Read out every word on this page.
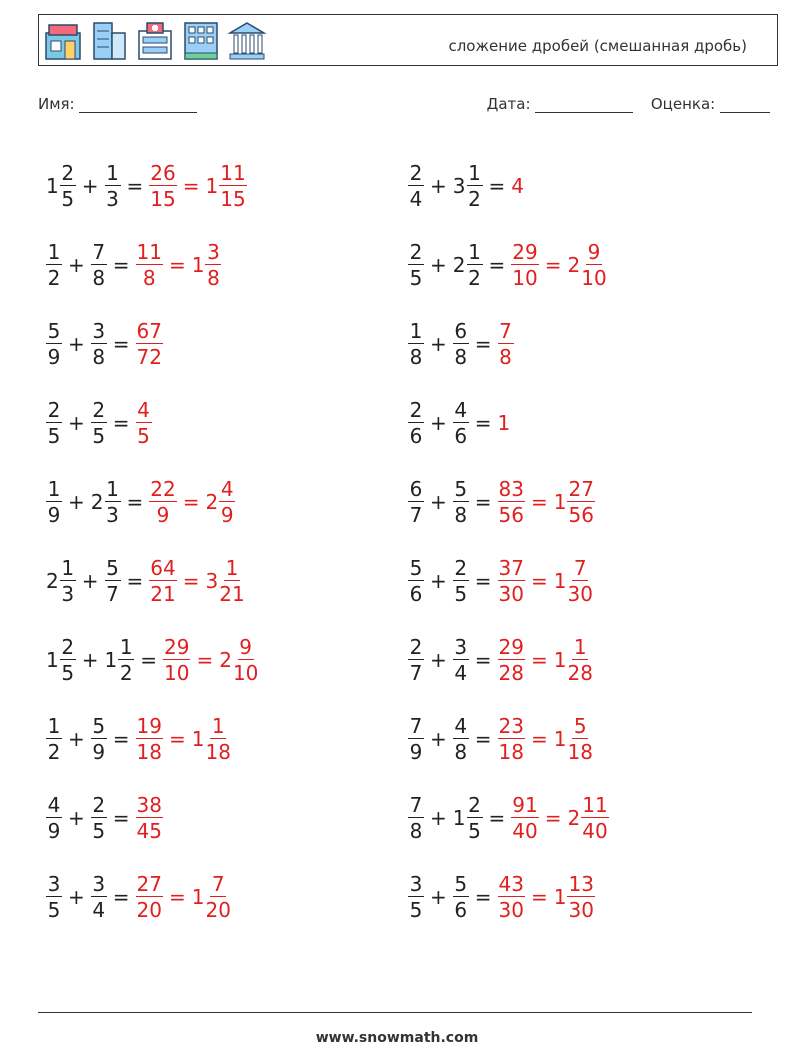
сложение дробей (смешанная дробь)
Имя:	Дата:	Оценка:
$1 \frac{2}{5} + \frac{1}{3} = \frac{26}{15} = 1 \frac{11}{15}$
$\frac{1}{2} + \frac{7}{8} = \frac{11}{8} = 1 \frac{3}{8}$
$\frac{5}{9} + \frac{3}{8} = \frac{67}{72}$
$\frac{2}{5} + \frac{2}{5} = \frac{4}{5}$
$\frac{1}{9} + 2 \frac{1}{3} = \frac{22}{9} = 2 \frac{4}{9}$
$2 \frac{1}{3} + \frac{5}{7} = \frac{64}{21} = 3 \frac{1}{21}$
$1 \frac{2}{5} + 1 \frac{1}{2} = \frac{29}{10} = 2 \frac{9}{10}$
$\frac{1}{2} + \frac{5}{9} = \frac{19}{18} = 1 \frac{1}{18}$
$\frac{4}{9} + \frac{2}{5} = \frac{38}{45}$
$\frac{3}{5} + \frac{3}{4} = \frac{27}{20} = 1 \frac{7}{20}$
$\frac{2}{4} + 3 \frac{1}{2} = 4$
$\frac{2}{5} + 2 \frac{1}{2} = \frac{29}{10} = 2 \frac{9}{10}$
$\frac{1}{8} + \frac{6}{8} = \frac{7}{8}$
$\frac{2}{6} + \frac{4}{6} = 1$
$\frac{6}{7} + \frac{5}{8} = \frac{83}{56} = 1 \frac{27}{56}$
$\frac{5}{6} + \frac{2}{5} = \frac{37}{30} = 1 \frac{7}{30}$
$\frac{2}{7} + \frac{3}{4} = \frac{29}{28} = 1 \frac{1}{28}$
$\frac{7}{9} + \frac{4}{8} = \frac{23}{18} = 1 \frac{5}{18}$
$\frac{7}{8} + 1 \frac{2}{5} = \frac{91}{40} = 2 \frac{11}{40}$
$\frac{3}{5} + \frac{5}{6} = \frac{43}{30} = 1 \frac{13}{30}$
www.snowmath.com
